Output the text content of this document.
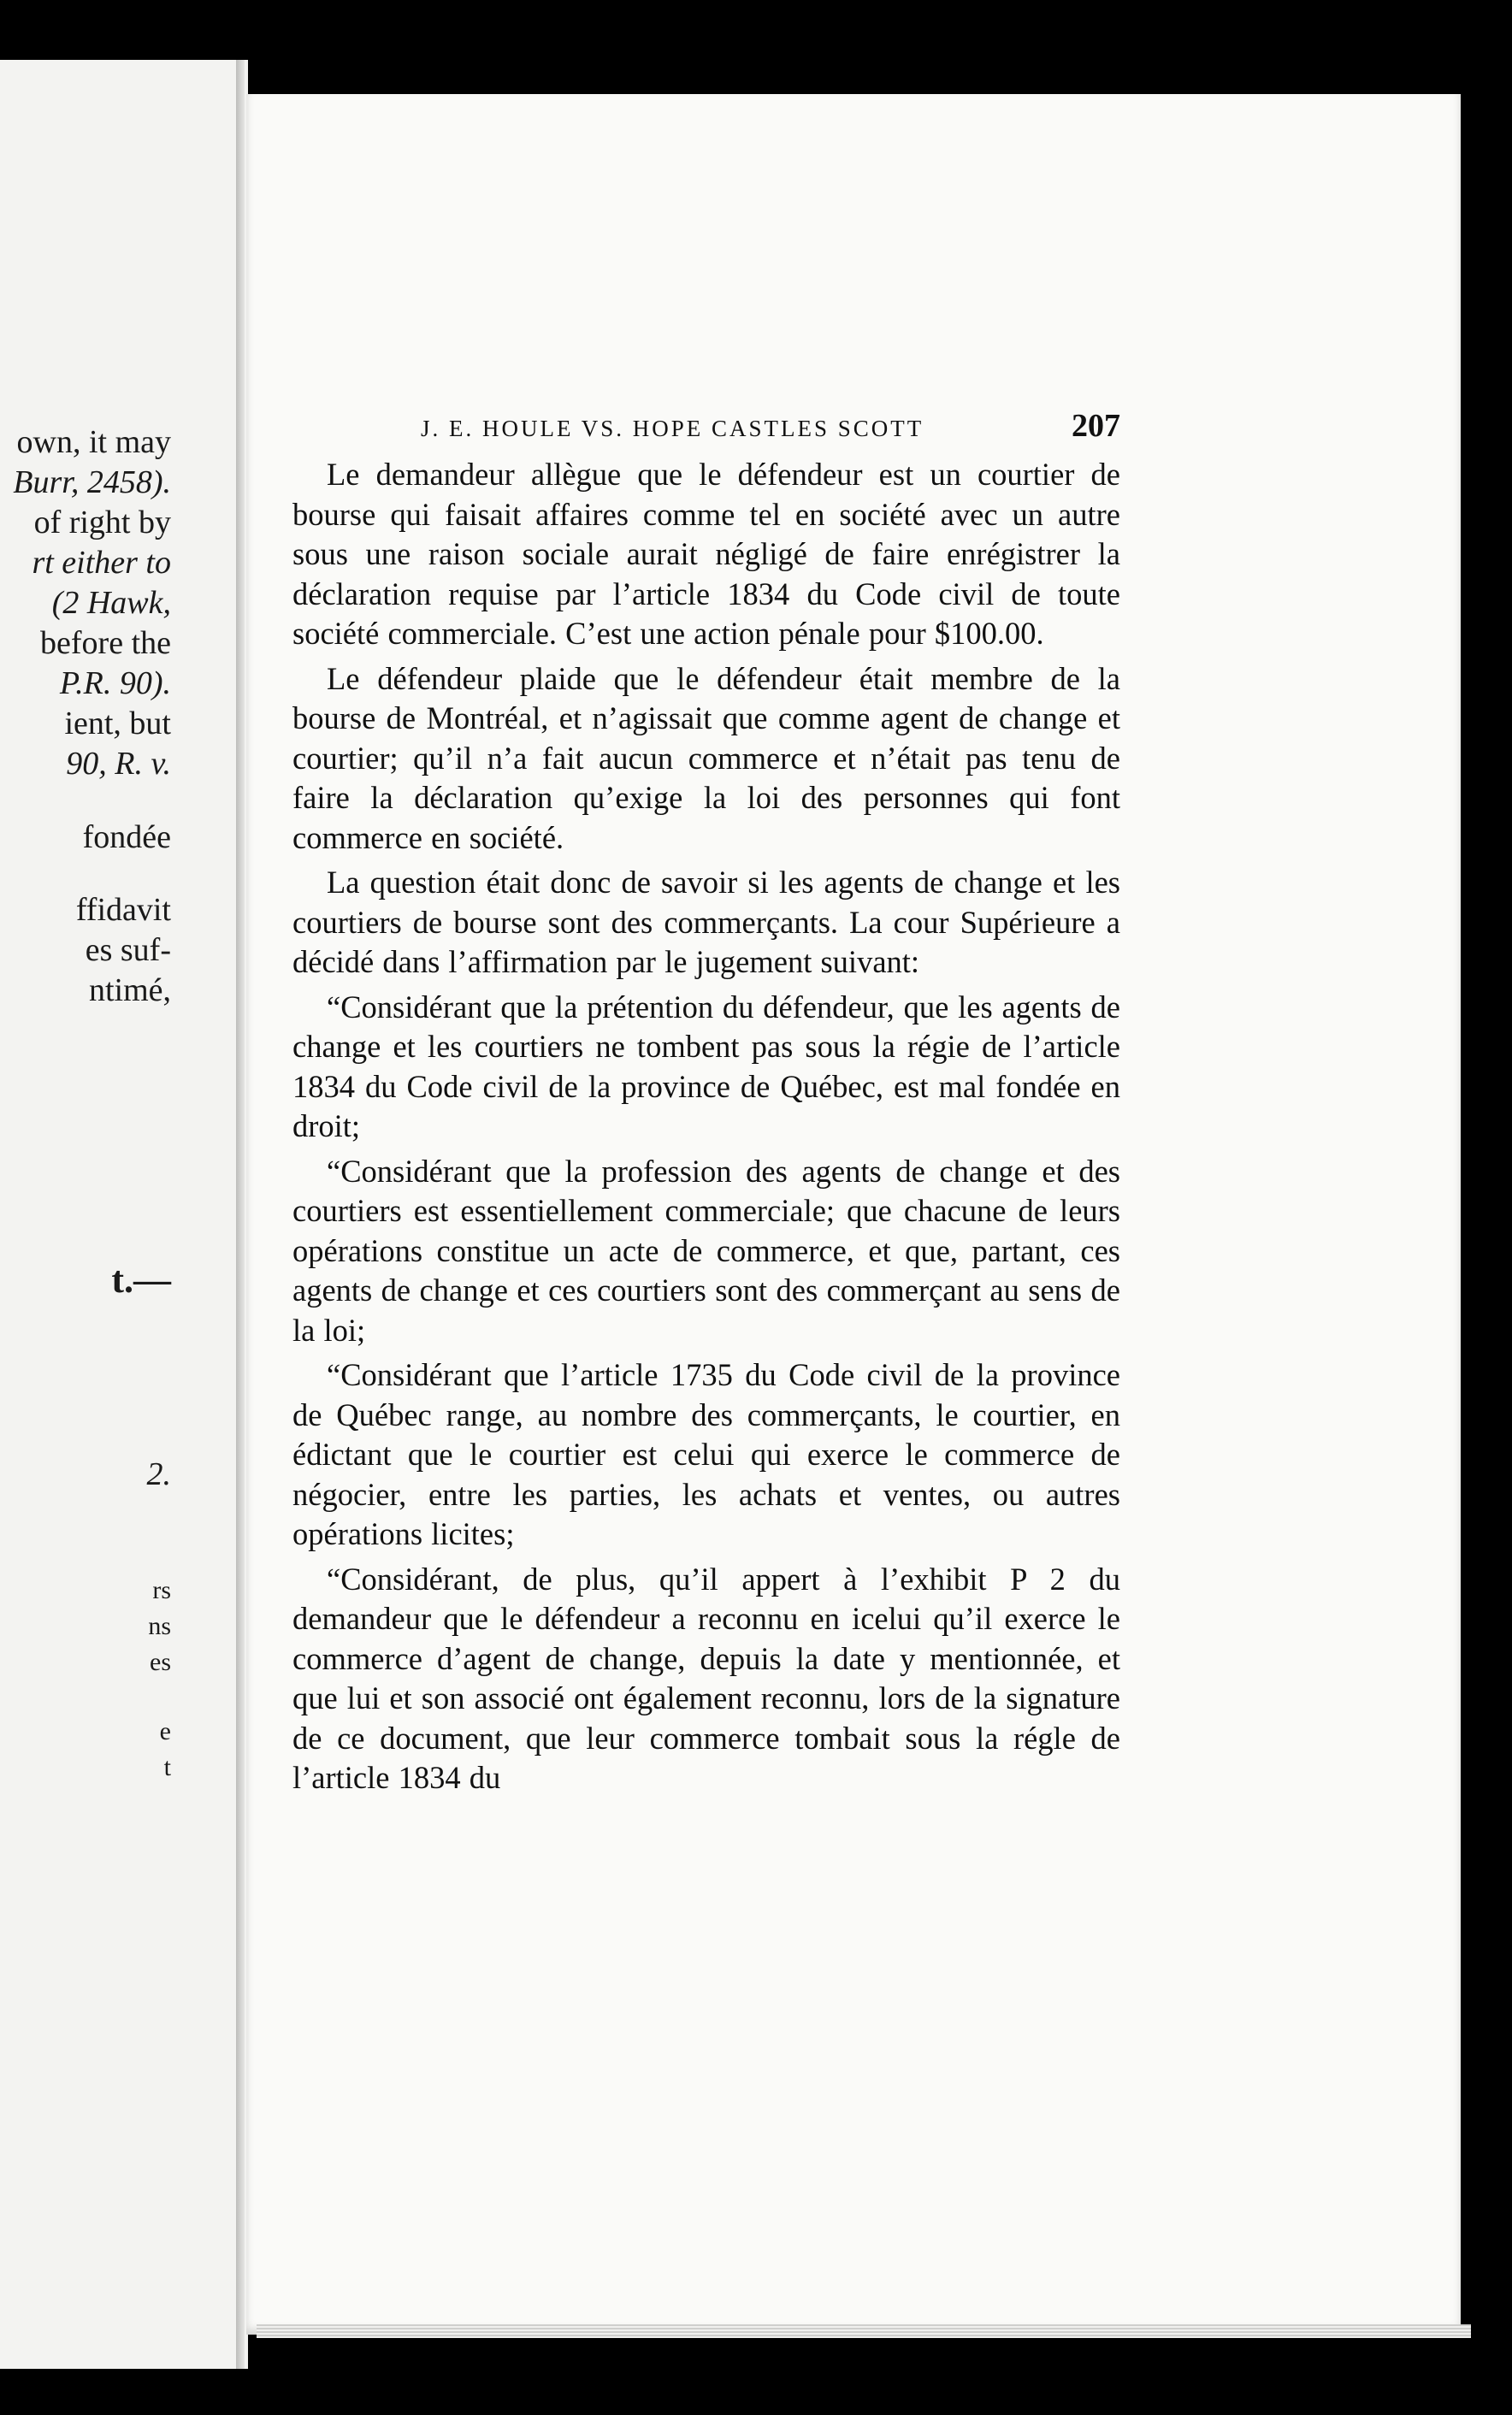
own, it may
Burr, 2458).
of right by
rt either to
(2 Hawk,
before the
P.R. 90).
ient, but
90, R. v.
fondée
ffidavit
es suf-
ntimé,
t.—
2.
rs
ns
es
e
t
J. E. HOULE VS. HOPE CASTLES SCOTT	207

Le demandeur allègue que le défendeur est un courtier de bourse qui faisait affaires comme tel en société avec un autre sous une raison sociale aurait négligé de faire enrégistrer la déclaration requise par l’article 1834 du Code civil de toute société commerciale. C’est une action pénale pour $100.00.

Le défendeur plaide que le défendeur était membre de la bourse de Montréal, et n’agissait que comme agent de change et courtier; qu’il n’a fait aucun commerce et n’était pas tenu de faire la déclaration qu’exige la loi des personnes qui font commerce en société.

La question était donc de savoir si les agents de change et les courtiers de bourse sont des commerçants. La cour Supérieure a décidé dans l’affirmation par le jugement suivant:

“Considérant que la prétention du défendeur, que les agents de change et les courtiers ne tombent pas sous la régie de l’article 1834 du Code civil de la province de Québec, est mal fondée en droit;

“Considérant que la profession des agents de change et des courtiers est essentiellement commerciale; que chacune de leurs opérations constitue un acte de commerce, et que, partant, ces agents de change et ces courtiers sont des commerçant au sens de la loi;

“Considérant que l’article 1735 du Code civil de la province de Québec range, au nombre des commerçants, le courtier, en édictant que le courtier est celui qui exerce le commerce de négocier, entre les parties, les achats et ventes, ou autres opérations licites;

“Considérant, de plus, qu’il appert à l’exhibit P 2 du demandeur que le défendeur a reconnu en icelui qu’il exerce le commerce d’agent de change, depuis la date y mentionnée, et que lui et son associé ont également reconnu, lors de la signature de ce document, que leur commerce tombait sous la régle de l’article 1834 du
